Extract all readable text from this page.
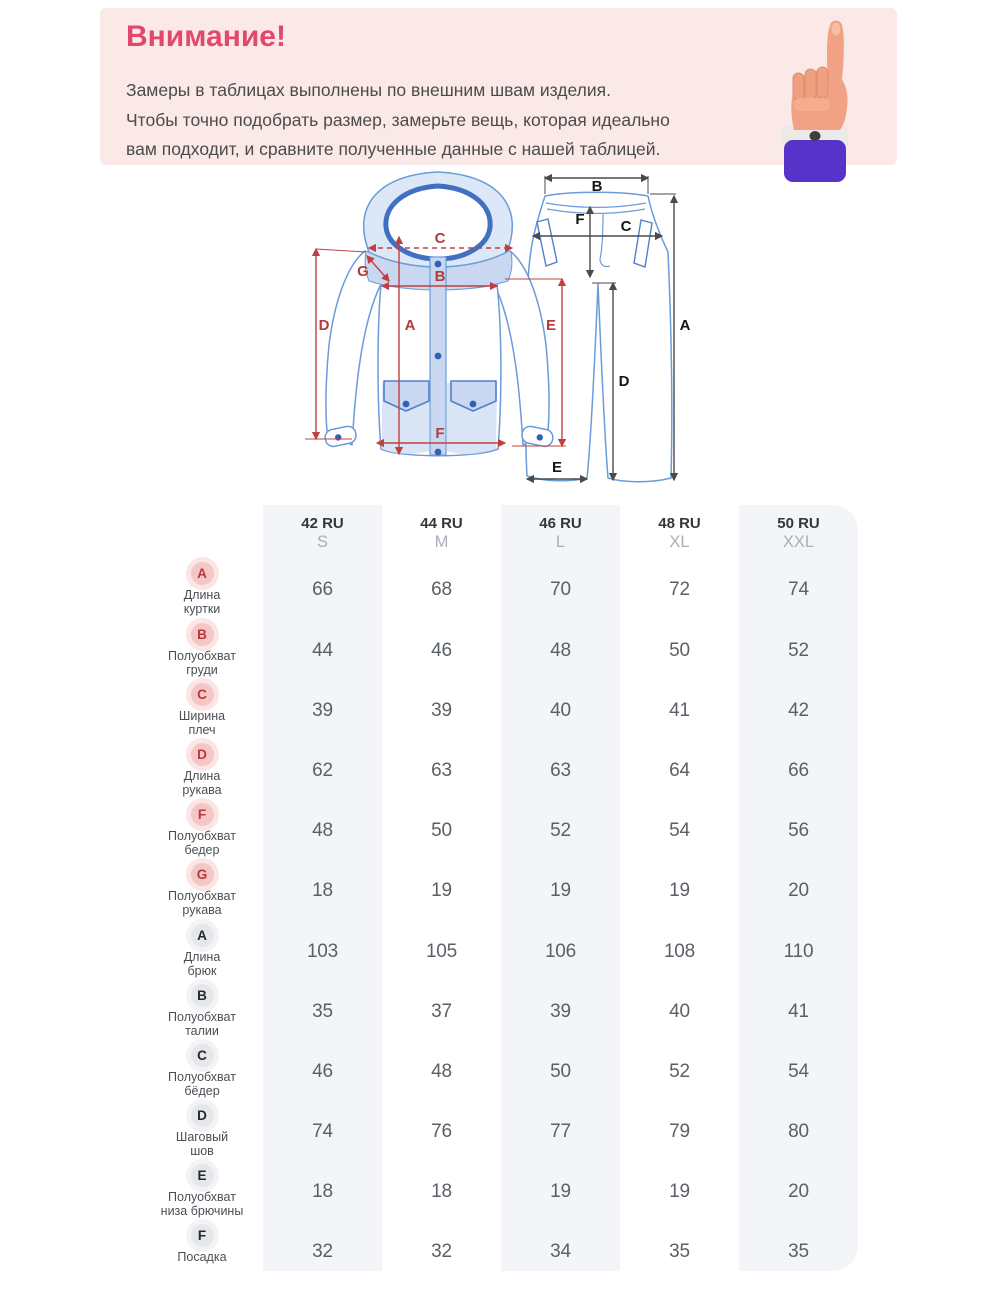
Внимание!
Замеры в таблицах выполнены по внешним швам изделия.
Чтобы точно подобрать размер, замерьте вещь, которая идеально
вам подходит, и сравните полученные данные с нашей таблицей.
C
G	B
A
D	E
F
B
F C
A
D
E
42 RU
S
44 RU
M
46 RU
L
48 RU
XL
50 RU
XXL
A
Длина
куртки
66	68	70	72	74
B
Полуобхват
груди
44	46	48	50	52
C
Ширина
плеч
39	39	40	41	42
D
Длина
рукава
62	63	63	64	66
F
Полуобхват
бедер
48	50	52	54	56
G
Полуобхват
рукава
18	19	19	19	20
A
Длина
брюк
103	105	106	108	110
B
Полуобхват
талии
35	37	39	40	41
C
Полуобхват
бёдер
46	48	50	52	54
D
Шаговый
шов
74	76	77	79	80
E
Полуобхват
низа брючины
18	18	19	19	20
F
Посадка	32	32	34	35	35
